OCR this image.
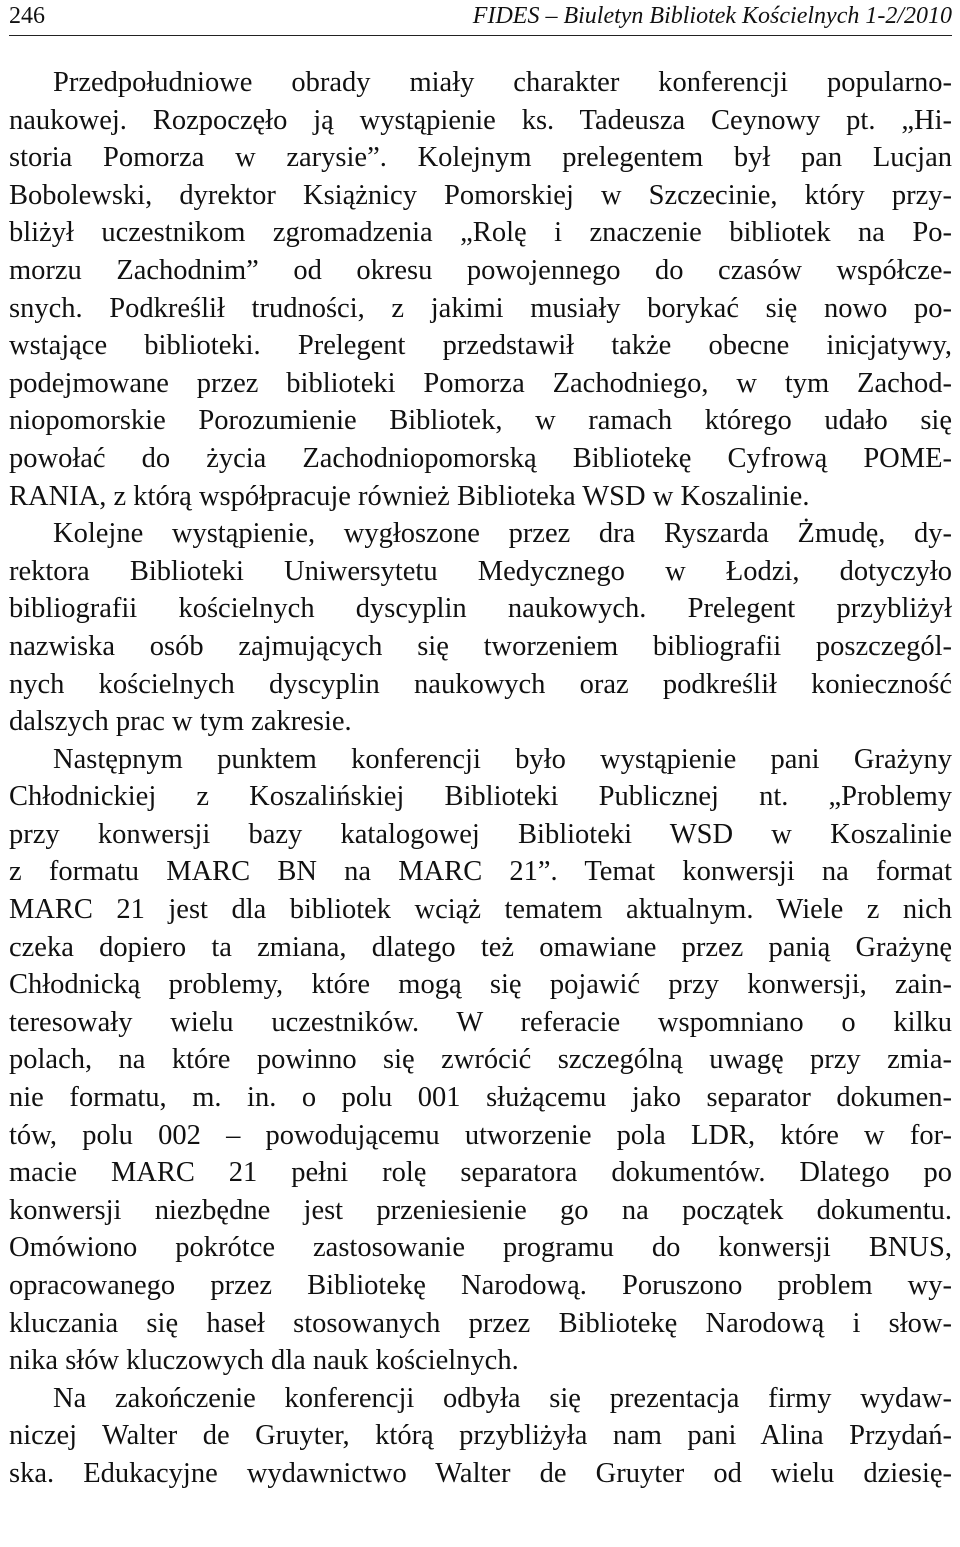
246	FIDES – Biuletyn Bibliotek Kościelnych 1-2/2010
Przedpołudniowe obrady miały charakter konferencji popularno-
naukowej. Rozpoczęło ją wystąpienie ks. Tadeusza Ceynowy pt. „Hi-
storia Pomorza w zarysie”. Kolejnym prelegentem był pan Lucjan
Bobolewski, dyrektor Książnicy Pomorskiej w Szczecinie, który przy-
bliżył uczestnikom zgromadzenia „Rolę i znaczenie bibliotek na Po-
morzu Zachodnim” od okresu powojennego do czasów współcze-
snych. Podkreślił trudności, z jakimi musiały borykać się nowo po-
wstające biblioteki. Prelegent przedstawił także obecne inicjatywy,
podejmowane przez biblioteki Pomorza Zachodniego, w tym Zachod-
niopomorskie Porozumienie Bibliotek, w ramach którego udało się
powołać do życia Zachodniopomorską Bibliotekę Cyfrową POME-
RANIA, z którą współpracuje również Biblioteka WSD w Koszalinie.
Kolejne wystąpienie, wygłoszone przez dra Ryszarda Żmudę, dy-
rektora Biblioteki Uniwersytetu Medycznego w Łodzi, dotyczyło
bibliografii kościelnych dyscyplin naukowych. Prelegent przybliżył
nazwiska osób zajmujących się tworzeniem bibliografii poszczegól-
nych kościelnych dyscyplin naukowych oraz podkreślił konieczność
dalszych prac w tym zakresie.
Następnym punktem konferencji było wystąpienie pani Grażyny
Chłodnickiej z Koszalińskiej Biblioteki Publicznej nt. „Problemy
przy konwersji bazy katalogowej Biblioteki WSD w Koszalinie
z formatu MARC BN na MARC 21”. Temat konwersji na format
MARC 21 jest dla bibliotek wciąż tematem aktualnym. Wiele z nich
czeka dopiero ta zmiana, dlatego też omawiane przez panią Grażynę
Chłodnicką problemy, które mogą się pojawić przy konwersji, zain-
teresowały wielu uczestników. W referacie wspomniano o kilku
polach, na które powinno się zwrócić szczególną uwagę przy zmia-
nie formatu, m. in. o polu 001 służącemu jako separator dokumen-
tów, polu 002 – powodującemu utworzenie pola LDR, które w for-
macie MARC 21 pełni rolę separatora dokumentów. Dlatego po
konwersji niezbędne jest przeniesienie go na początek dokumentu.
Omówiono pokrótce zastosowanie programu do konwersji BNUS,
opracowanego przez Bibliotekę Narodową. Poruszono problem wy-
kluczania się haseł stosowanych przez Bibliotekę Narodową i słow-
nika słów kluczowych dla nauk kościelnych.
Na zakończenie konferencji odbyła się prezentacja firmy wydaw-
niczej Walter de Gruyter, którą przybliżyła nam pani Alina Przydań-
ska. Edukacyjne wydawnictwo Walter de Gruyter od wielu dziesię-
